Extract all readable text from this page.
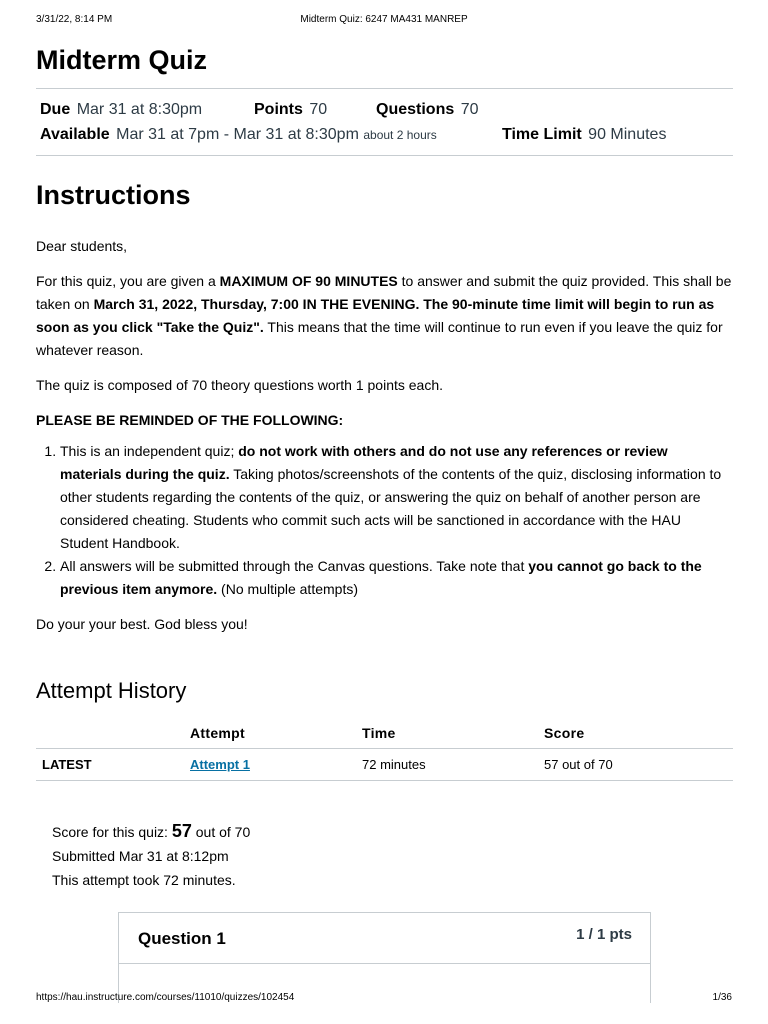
3/31/22, 8:14 PM	Midterm Quiz: 6247 MA431 MANREP
Midterm Quiz
Due Mar 31 at 8:30pm	Points 70	Questions 70
Available Mar 31 at 7pm - Mar 31 at 8:30pm about 2 hours	Time Limit 90 Minutes
Instructions

Dear students,

For this quiz, you are given a MAXIMUM OF 90 MINUTES to answer and submit the quiz provided. This shall be taken on March 31, 2022, Thursday, 7:00 IN THE EVENING. The 90-minute time limit will begin to run as soon as you click "Take the Quiz". This means that the time will continue to run even if you leave the quiz for whatever reason.

The quiz is composed of 70 theory questions worth 1 points each.

PLEASE BE REMINDED OF THE FOLLOWING:

1. This is an independent quiz; do not work with others and do not use any references or review materials during the quiz. Taking photos/screenshots of the contents of the quiz, disclosing information to other students regarding the contents of the quiz, or answering the quiz on behalf of another person are considered cheating. Students who commit such acts will be sanctioned in accordance with the HAU Student Handbook.
2. All answers will be submitted through the Canvas questions. Take note that you cannot go back to the previous item anymore. (No multiple attempts)

Do your your best. God bless you!

Attempt History
	Attempt	Time	Score
LATEST	Attempt 1	72 minutes	57 out of 70
Score for this quiz: 57 out of 70
Submitted Mar 31 at 8:12pm
This attempt took 72 minutes.
Question 1	1 / 1 pts
https://hau.instructure.com/courses/11010/quizzes/102454	1/36
